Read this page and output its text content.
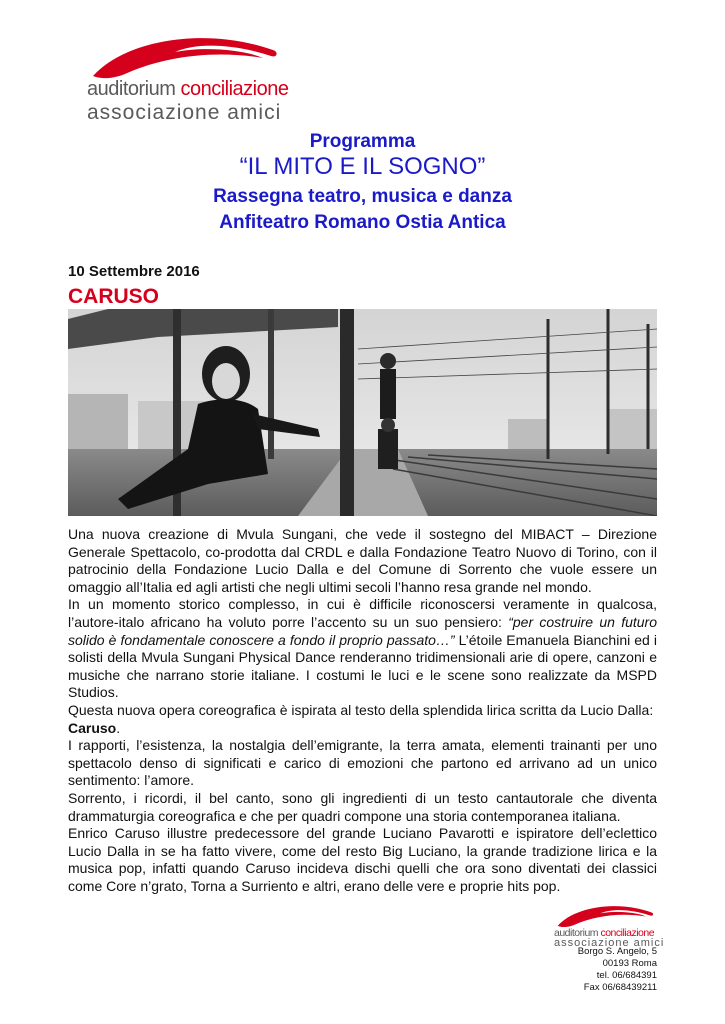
auditorium conciliazione
associazione amici
Programma
“IL MITO E IL SOGNO”
Rassegna teatro, musica e danza
Anfiteatro Romano Ostia Antica
10 Settembre 2016
CARUSO

Una nuova creazione di Mvula Sungani, che vede il sostegno del MIBACT – Direzione Generale Spettacolo, co-prodotta dal CRDL e dalla Fondazione Teatro Nuovo di Torino, con il patrocinio della Fondazione Lucio Dalla e del Comune di Sorrento che vuole essere un omaggio all’Italia ed agli artisti che negli ultimi secoli l’hanno resa grande nel mondo.

In un momento storico complesso, in cui è difficile riconoscersi veramente in qualcosa, l’autore-italo africano ha voluto porre l’accento su un suo pensiero: “per costruire un futuro solido è fondamentale conoscere a fondo il proprio passato…” L’étoile Emanuela Bianchini ed i solisti della Mvula Sungani Physical Dance renderanno tridimensionali arie di opere, canzoni e musiche che narrano storie italiane. I costumi le luci e le scene sono realizzate da MSPD Studios.

Questa nuova opera coreografica è ispirata al testo della splendida lirica scritta da Lucio Dalla:
Caruso.

I rapporti, l’esistenza, la nostalgia dell’emigrante, la terra amata, elementi trainanti per uno spettacolo denso di significati e carico di emozioni che partono ed arrivano ad un unico sentimento: l’amore.

Sorrento, i ricordi, il bel canto, sono gli ingredienti di un testo cantautorale che diventa drammaturgia coreografica e che per quadri compone una storia contemporanea italiana.

Enrico Caruso illustre predecessore del grande Luciano Pavarotti e ispiratore dell’eclettico Lucio Dalla in se ha fatto vivere, come del resto Big Luciano, la grande tradizione lirica e la musica pop, infatti quando Caruso incideva dischi quelli che ora sono diventati dei classici come Core n’grato, Torna a Surriento e altri, erano delle vere e proprie hits pop.

auditorium conciliazione
associazione amici
Borgo S. Angelo, 5
00193 Roma
tel. 06/684391
Fax 06/68439211
